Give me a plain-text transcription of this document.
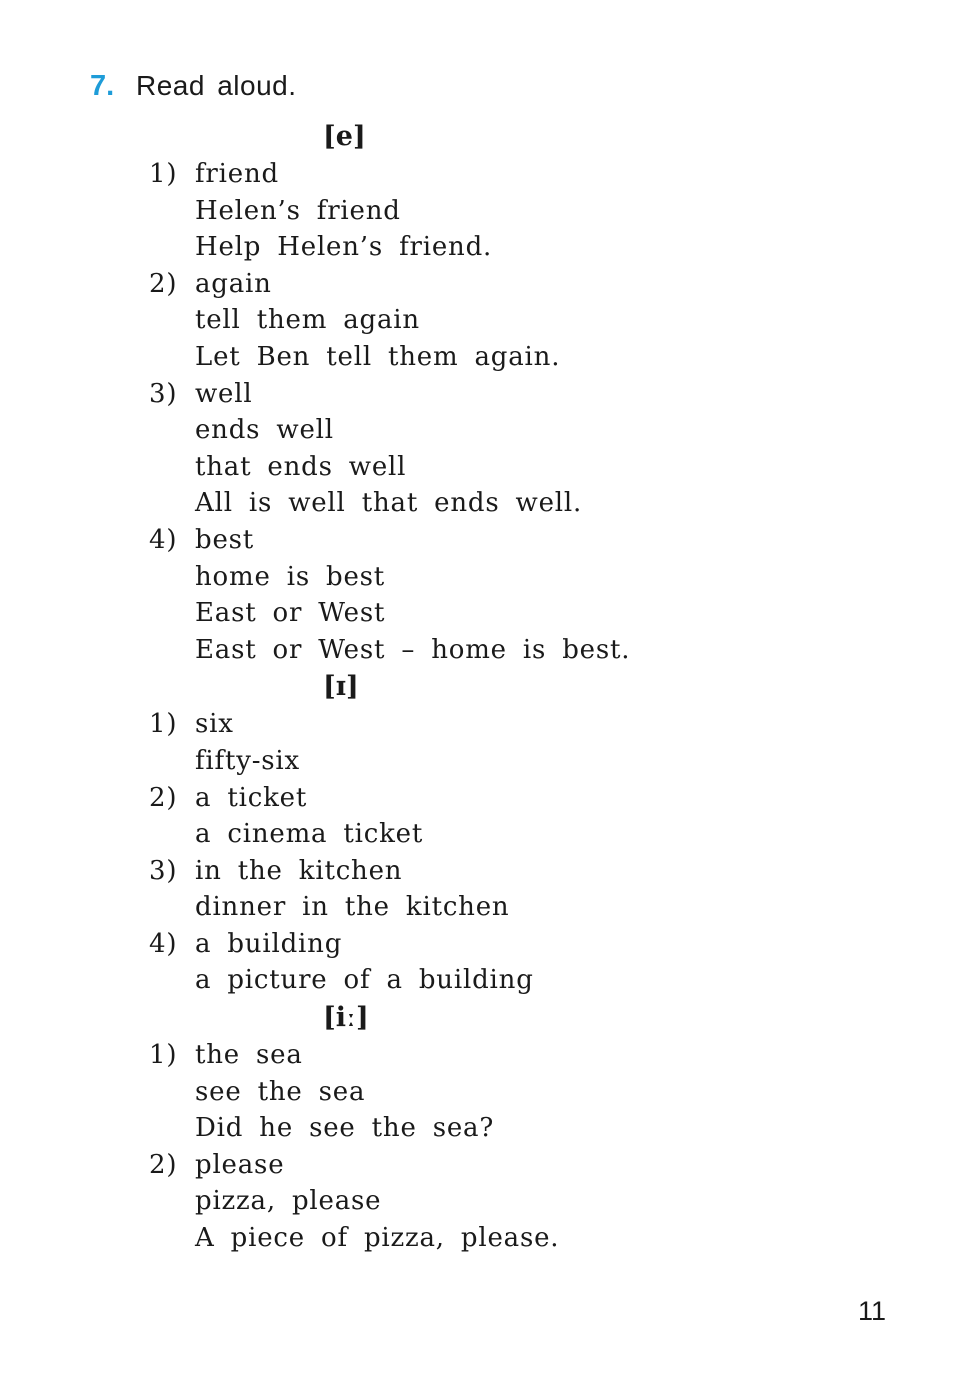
7. Read aloud.
[e]
1) friend
Helen’s friend
Help Helen’s friend.
2) again
tell them again
Let Ben tell them again.
3) well
ends well
that ends well
All is well that ends well.
4) best
home is best
East or West
East or West – home is best.
[ɪ]
1) six
fifty-six
2) a ticket
a cinema ticket
3) in the kitchen
dinner in the kitchen
4) a building
a picture of a building
[iː]
1) the sea
see the sea
Did he see the sea?
2) please
pizza, please
A piece of pizza, please.
11
